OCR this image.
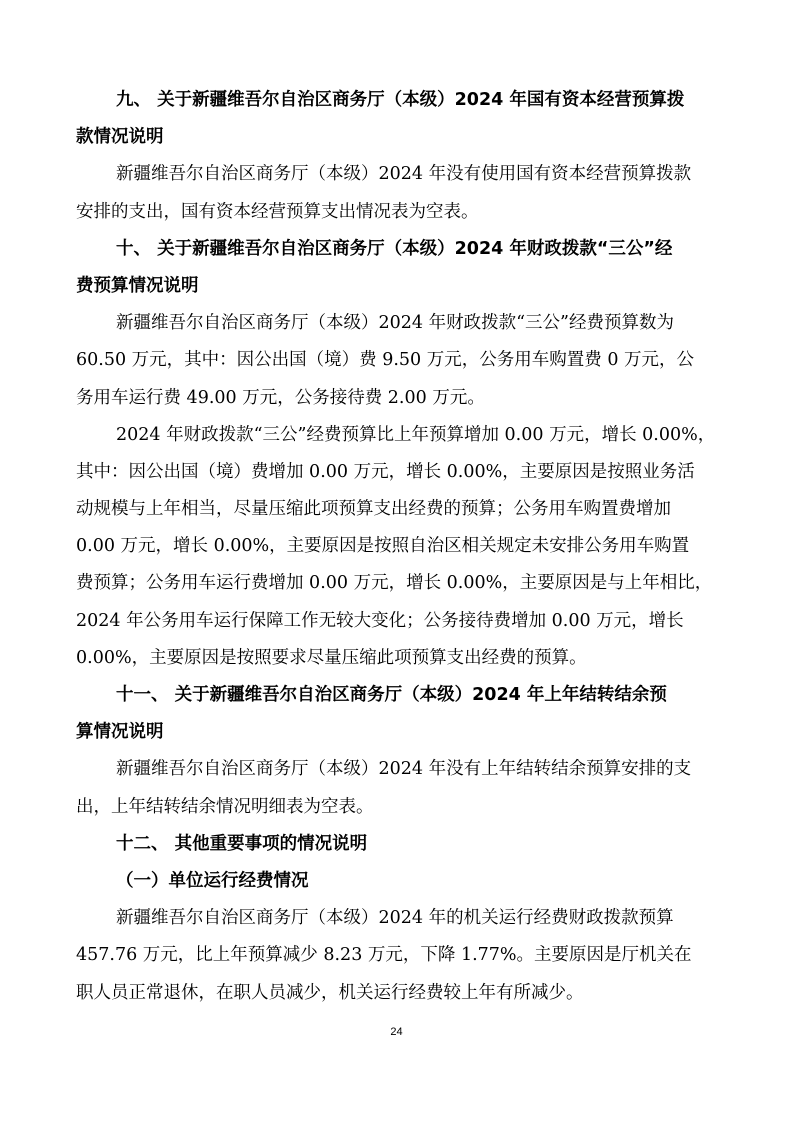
九、 关于新疆维吾尔自治区商务厅（本级）2024 年国有资本经营预算拨
款情况说明
新疆维吾尔自治区商务厅（本级）2024 年没有使用国有资本经营预算拨款
安排的支出，国有资本经营预算支出情况表为空表。
十、 关于新疆维吾尔自治区商务厅（本级）2024 年财政拨款“三公”经
费预算情况说明
新疆维吾尔自治区商务厅（本级）2024 年财政拨款“三公”经费预算数为
60.50 万元，其中：因公出国（境）费 9.50 万元，公务用车购置费 0 万元，公
务用车运行费 49.00 万元，公务接待费 2.00 万元。
2024 年财政拨款“三公”经费预算比上年预算增加 0.00 万元，增长 0.00%，
其中：因公出国（境）费增加 0.00 万元，增长 0.00%，主要原因是按照业务活
动规模与上年相当，尽量压缩此项预算支出经费的预算；公务用车购置费增加
0.00 万元，增长 0.00%，主要原因是按照自治区相关规定未安排公务用车购置
费预算；公务用车运行费增加 0.00 万元，增长 0.00%，主要原因是与上年相比，
2024 年公务用车运行保障工作无较大变化；公务接待费增加 0.00 万元，增长
0.00%，主要原因是按照要求尽量压缩此项预算支出经费的预算。
十一、 关于新疆维吾尔自治区商务厅（本级）2024 年上年结转结余预
算情况说明
新疆维吾尔自治区商务厅（本级）2024 年没有上年结转结余预算安排的支
出，上年结转结余情况明细表为空表。
十二、 其他重要事项的情况说明
（一）单位运行经费情况
新疆维吾尔自治区商务厅（本级）2024 年的机关运行经费财政拨款预算
457.76 万元，比上年预算减少 8.23 万元，下降 1.77%。主要原因是厅机关在
职人员正常退休，在职人员减少，机关运行经费较上年有所减少。
24
